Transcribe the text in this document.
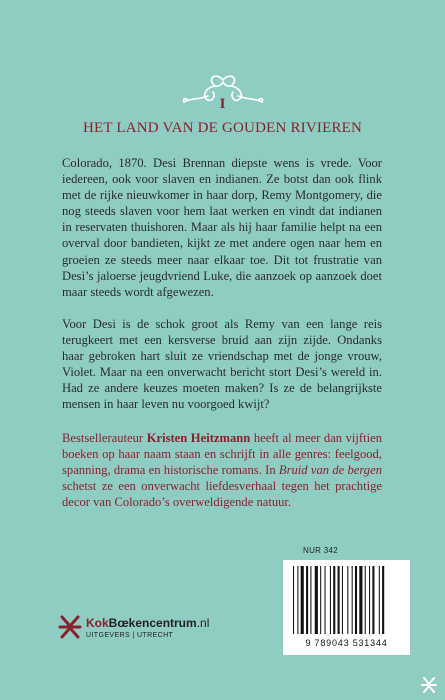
I
HET LAND VAN DE GOUDEN RIVIEREN

Colorado, 1870. Desi Brennan diepste wens is vrede. Voor iedereen, ook voor slaven en indianen. Ze botst dan ook flink met de rijke nieuwkomer in haar dorp, Remy Montgomery, die nog steeds slaven voor hem laat werken en vindt dat indianen in reservaten thuishoren. Maar als hij haar familie helpt na een overval door bandieten, kijkt ze met andere ogen naar hem en groeien ze steeds meer naar elkaar toe. Dit tot frustratie van Desi’s jaloerse jeugdvriend Luke, die aanzoek op aanzoek doet maar steeds wordt afgewezen.

Voor Desi is de schok groot als Remy van een lange reis terugkeert met een kersverse bruid aan zijn zijde. Ondanks haar gebroken hart sluit ze vriendschap met de jonge vrouw, Violet. Maar na een onverwacht bericht stort Desi’s wereld in. Had ze andere keuzes moeten maken? Is ze de belangrijkste mensen in haar leven nu voorgoed kwijt?

Bestsellerauteur Kristen Heitzmann heeft al meer dan vijftien boeken op haar naam staan en schrijft in alle genres: feelgood, spanning, drama en historische romans. In Bruid van de bergen schetst ze een onverwacht liefdesverhaal tegen het prachtige decor van Colorado’s overweldigende natuur.

NUR 342
9 789043 531344
KokBœkencentrum.nl
UITGEVERS | UTRECHT
